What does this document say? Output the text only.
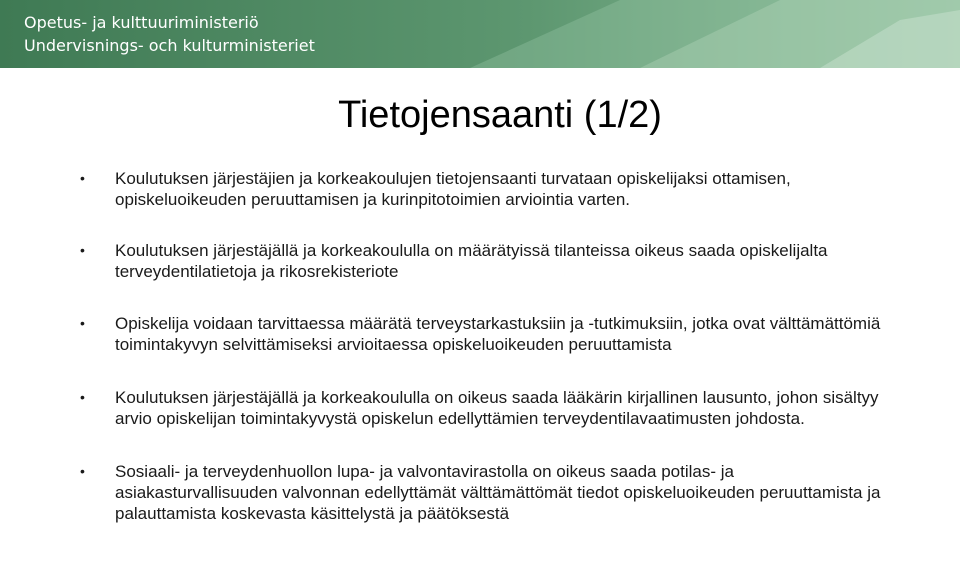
Opetus- ja kulttuuriministeriö
Undervisnings- och kulturministeriet
Tietojensaanti (1/2)
• Koulutuksen järjestäjien ja korkeakoulujen tietojensaanti turvataan opiskelijaksi ottamisen, opiskeluoikeuden peruuttamisen ja kurinpitotoimien arviointia varten.
• Koulutuksen järjestäjällä ja korkeakoululla on määrätyissä tilanteissa oikeus saada opiskelijalta terveydentilatietoja ja rikosrekisteriote
• Opiskelija voidaan tarvittaessa määrätä terveystarkastuksiin ja -tutkimuksiin, jotka ovat välttämättömiä toimintakyvyn selvittämiseksi arvioitaessa opiskeluoikeuden peruuttamista
• Koulutuksen järjestäjällä ja korkeakoululla on oikeus saada lääkärin kirjallinen lausunto, johon sisältyy arvio opiskelijan toimintakyvystä opiskelun edellyttämien terveydentilavaatimusten johdosta.
• Sosiaali- ja terveydenhuollon lupa- ja valvontavirastolla on oikeus saada potilas- ja asiakasturvallisuuden valvonnan edellyttämät välttämättömät tiedot opiskeluoikeuden peruuttamista ja palauttamista koskevasta käsittelystä ja päätöksestä
